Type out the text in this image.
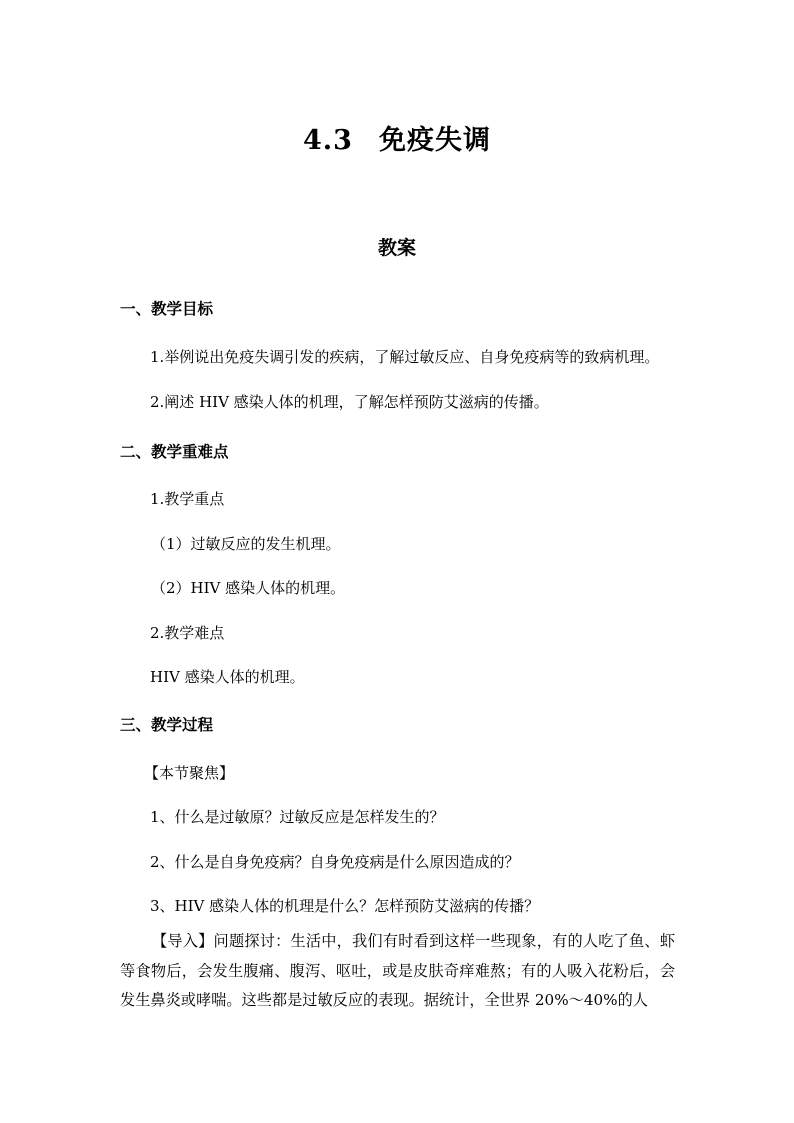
4.3 免疫失调
教案
一、教学目标
1.举例说出免疫失调引发的疾病，了解过敏反应、自身免疫病等的致病机理。
2.阐述 HIV 感染人体的机理，了解怎样预防艾滋病的传播。
二、教学重难点
1.教学重点
（1）过敏反应的发生机理。
（2）HIV 感染人体的机理。
2.教学难点
HIV 感染人体的机理。
三、教学过程
【本节聚焦】
1、什么是过敏原？过敏反应是怎样发生的？
2、什么是自身免疫病？自身免疫病是什么原因造成的？
3、HIV 感染人体的机理是什么？怎样预防艾滋病的传播？
【导入】问题探讨：生活中，我们有时看到这样一些现象，有的人吃了鱼、虾等食物后，会发生腹痛、腹泻、呕吐，或是皮肤奇痒难熬；有的人吸入花粉后，会发生鼻炎或哮喘。这些都是过敏反应的表现。据统计，全世界 20%～40%的人
